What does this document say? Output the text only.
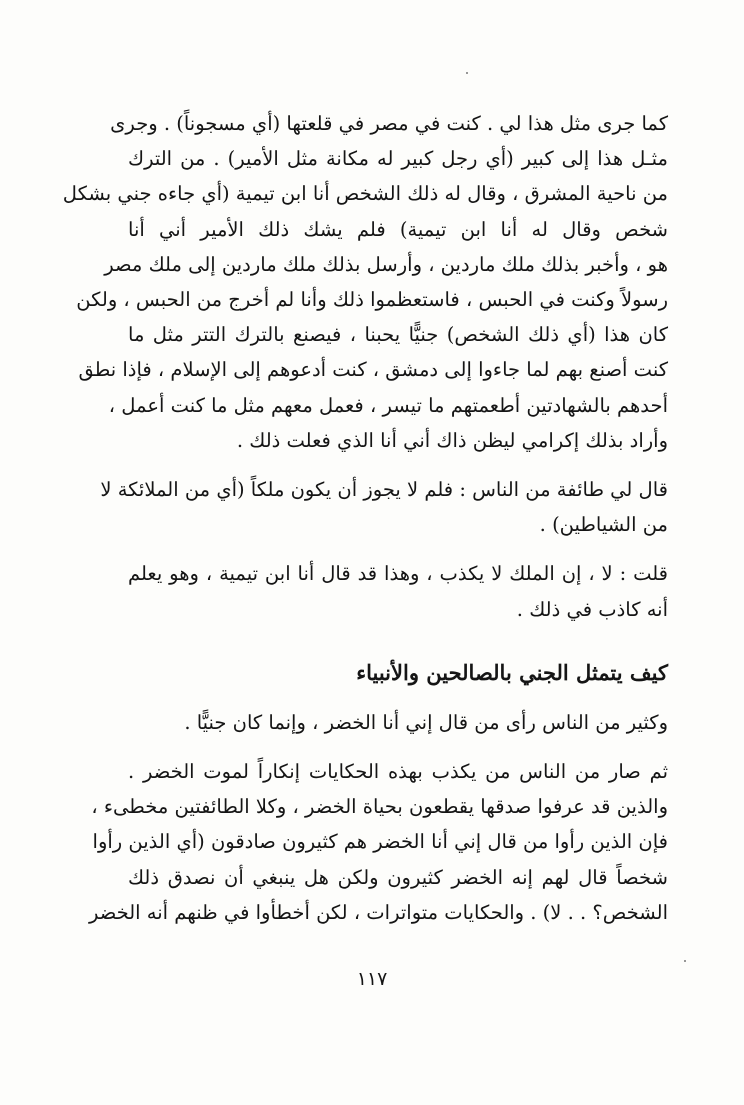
كما جرى مثل هذا لي . كنت في مصر في قلعتها (أي مسجوناً) . وجرى
مثـل هذا إلى كبير (أي رجل كبير له مكانة مثل الأمير) . من الترك
من ناحية المشرق ، وقال له ذلك الشخص أنا ابن تيمية (أي جاءه جني بشكل
شخص وقال له أنا ابن تيمية) فلم يشك ذلك الأمير أني أنا
هو ، وأخبر بذلك ملك ماردين ، وأرسل بذلك ملك ماردين إلى ملك مصر
رسولاً وكنت في الحبس ، فاستعظموا ذلك وأنا لم أخرج من الحبس ، ولكن
كان هذا (أي ذلك الشخص) جنيًّا يحبنا ، فيصنع بالترك التتر مثل ما
كنت أصنع بهم لما جاءوا إلى دمشق ، كنت أدعوهم إلى الإسلام ، فإذا نطق
أحدهم بالشهادتين أطعمتهم ما تيسر ، فعمل معهم مثل ما كنت أعمل ،
وأراد بذلك إكرامي ليظن ذاك أني أنا الذي فعلت ذلك .
قال لي طائفة من الناس : فلم لا يجوز أن يكون ملكاً (أي من الملائكة لا
من الشياطين) .
قلت : لا ، إن الملك لا يكذب ، وهذا قد قال أنا ابن تيمية ، وهو يعلم
أنه كاذب في ذلك .
كيف يتمثل الجني بالصالحين والأنبياء
وكثير من الناس رأى من قال إني أنا الخضر ، وإنما كان جنيًّا .
ثم صار من الناس من يكذب بهذه الحكايات إنكاراً لموت الخضر .
والذين قد عرفوا صدقها يقطعون بحياة الخضر ، وكلا الطائفتين مخطىء ،
فإن الذين رأوا من قال إني أنا الخضر هم كثيرون صادقون (أي الذين رأوا
شخصاً قال لهم إنه الخضر كثيرون ولكن هل ينبغي أن نصدق ذلك
الشخص؟ . . لا) . والحكايات متواترات ، لكن أخطأوا في ظنهم أنه الخضر
١١٧
